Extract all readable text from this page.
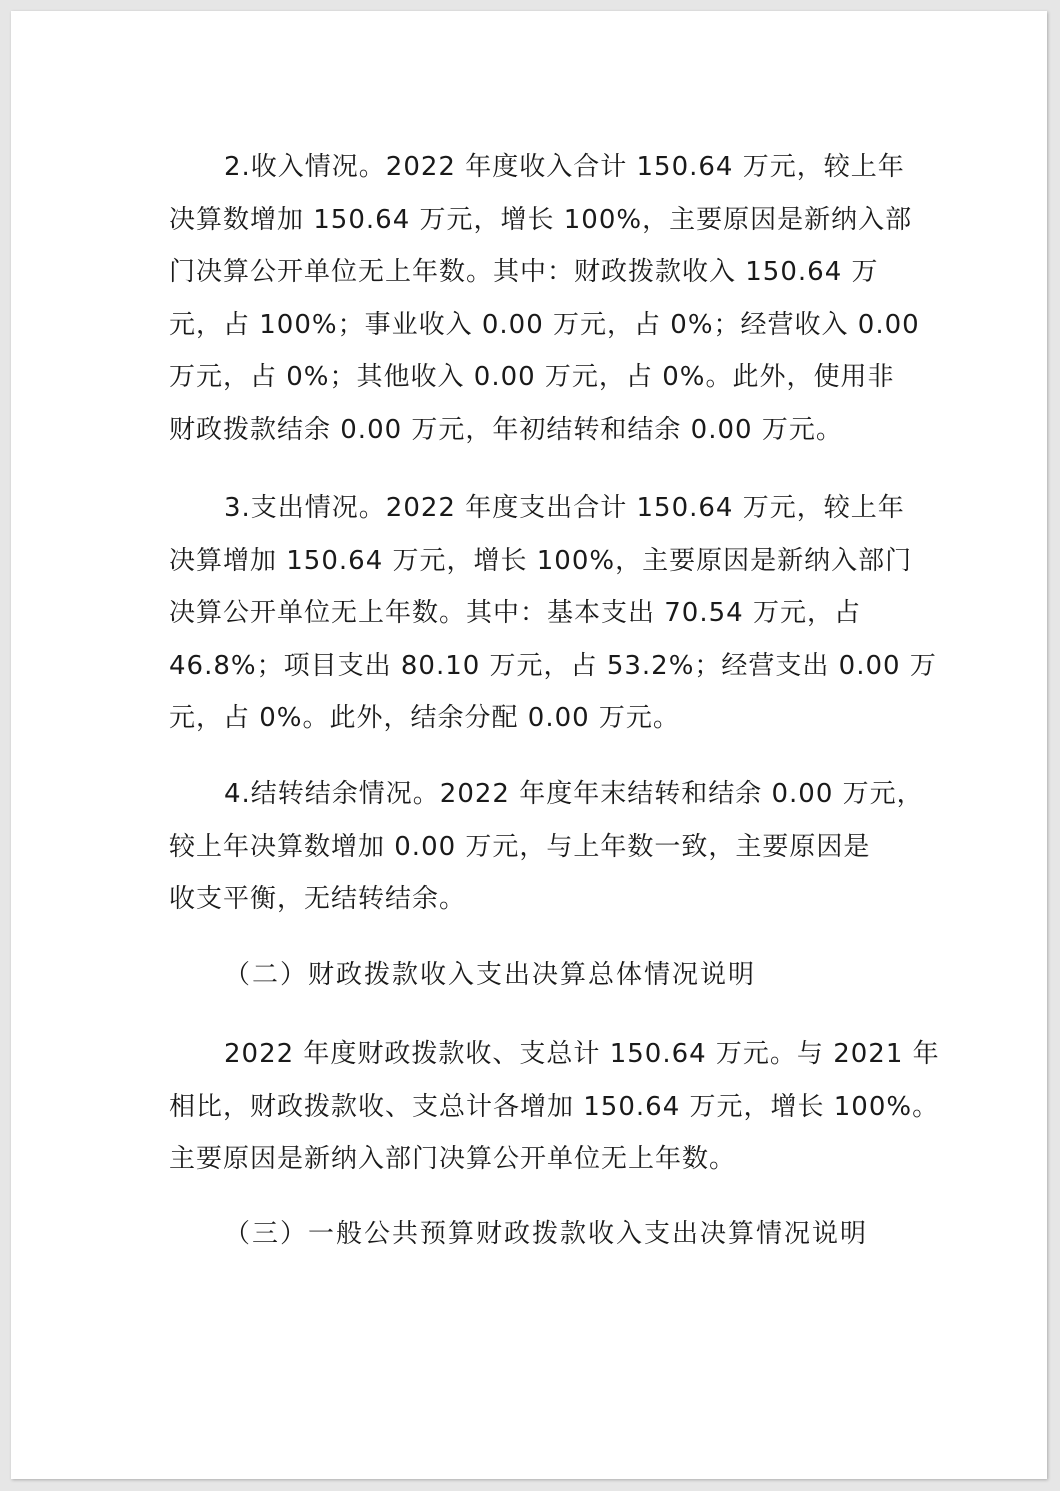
2.收入情况。2022 年度收入合计 150.64 万元，较上年
决算数增加 150.64 万元，增长 100%，主要原因是新纳入部
门决算公开单位无上年数。其中：财政拨款收入 150.64 万
元，占 100%；事业收入 0.00 万元，占 0%；经营收入 0.00
万元，占 0%；其他收入 0.00 万元，占 0%。此外，使用非
财政拨款结余 0.00 万元，年初结转和结余 0.00 万元。
3.支出情况。2022 年度支出合计 150.64 万元，较上年
决算增加 150.64 万元，增长 100%，主要原因是新纳入部门
决算公开单位无上年数。其中：基本支出 70.54 万元，占
46.8%；项目支出 80.10 万元，占 53.2%；经营支出 0.00 万
元，占 0%。此外，结余分配 0.00 万元。
4.结转结余情况。2022 年度年末结转和结余 0.00 万元，
较上年决算数增加 0.00 万元，与上年数一致，主要原因是
收支平衡，无结转结余。

（二）财政拨款收入支出决算总体情况说明

2022 年度财政拨款收、支总计 150.64 万元。与 2021 年
相比，财政拨款收、支总计各增加 150.64 万元，增长 100%。
主要原因是新纳入部门决算公开单位无上年数。

（三）一般公共预算财政拨款收入支出决算情况说明
